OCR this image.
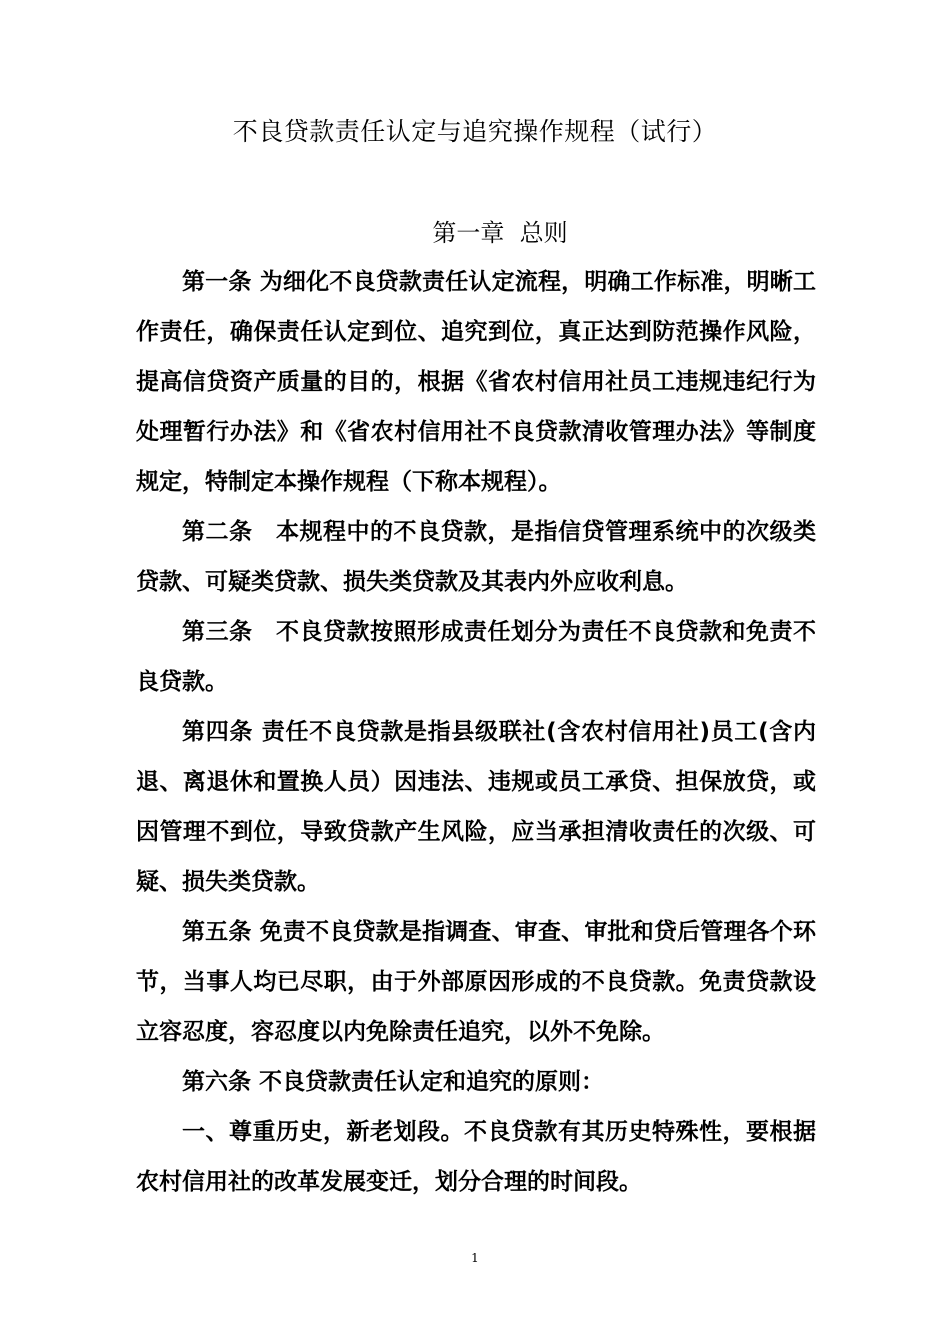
不良贷款责任认定与追究操作规程（试行）
第一章  总则

第一条 为细化不良贷款责任认定流程，明确工作标准，明晰工作责任，确保责任认定到位、追究到位，真正达到防范操作风险，提高信贷资产质量的目的，根据《省农村信用社员工违规违纪行为处理暂行办法》和《省农村信用社不良贷款清收管理办法》等制度规定，特制定本操作规程（下称本规程）。

第二条　本规程中的不良贷款，是指信贷管理系统中的次级类贷款、可疑类贷款、损失类贷款及其表内外应收利息。

第三条　不良贷款按照形成责任划分为责任不良贷款和免责不良贷款。

第四条 责任不良贷款是指县级联社(含农村信用社)员工(含内退、离退休和置换人员）因违法、违规或员工承贷、担保放贷，或因管理不到位，导致贷款产生风险，应当承担清收责任的次级、可疑、损失类贷款。

第五条 免责不良贷款是指调查、审查、审批和贷后管理各个环节，当事人均已尽职，由于外部原因形成的不良贷款。免责贷款设立容忍度，容忍度以内免除责任追究，以外不免除。

第六条 不良贷款责任认定和追究的原则：

一、尊重历史，新老划段。不良贷款有其历史特殊性，要根据农村信用社的改革发展变迁，划分合理的时间段。

1
